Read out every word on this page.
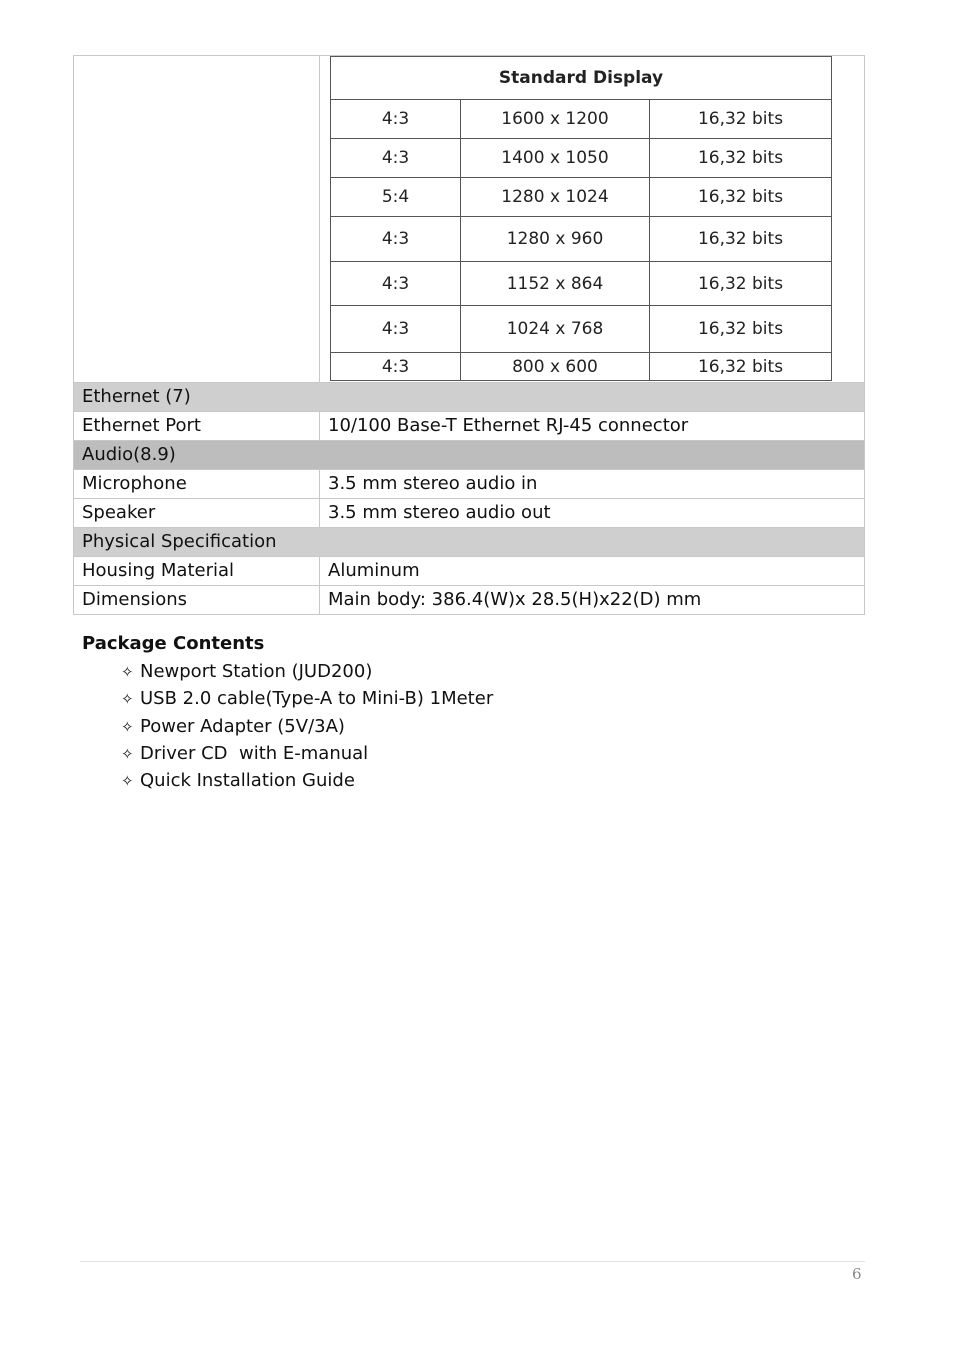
Standard Display		
4:3	1600 x 1200	16,32 bits
4:3	1400 x 1050	16,32 bits
5:4	1280 x 1024	16,32 bits
4:3	1280 x 960	16,32 bits
4:3	1152 x 864	16,32 bits
4:3	1024 x 768	16,32 bits
4:3	800 x 600	16,32 bits
Ethernet (7)
Ethernet Port	10/100 Base-T Ethernet RJ-45 connector
Audio(8.9)
Microphone	3.5 mm stereo audio in
Speaker	3.5 mm stereo audio out
Physical Specification
Housing Material	Aluminum
Dimensions	Main body: 386.4(W)x 28.5(H)x22(D) mm
Package Contents
✧ Newport Station (JUD200)
✧ USB 2.0 cable(Type-A to Mini-B) 1Meter
✧ Power Adapter (5V/3A)
✧ Driver CD  with E-manual
✧ Quick Installation Guide
6
